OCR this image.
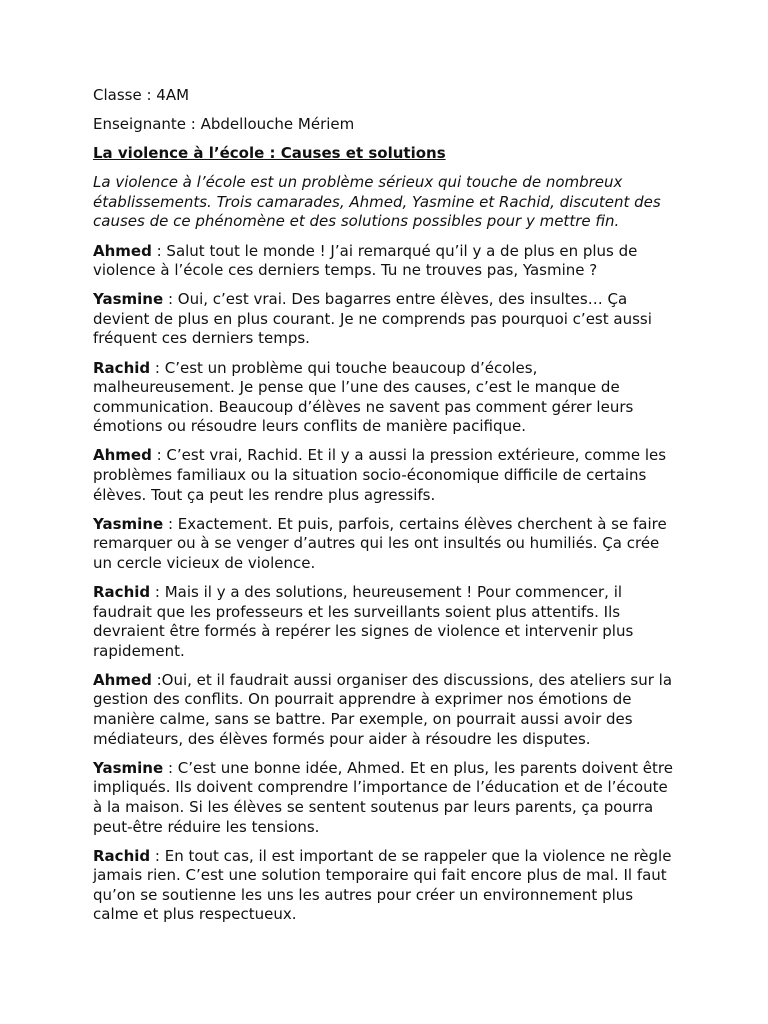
Classe : 4AM

Enseignante : Abdellouche Mériem

La violence à l’école : Causes et solutions

La violence à l’école est un problème sérieux qui touche de nombreux établissements. Trois camarades, Ahmed, Yasmine et Rachid, discutent des causes de ce phénomène et des solutions possibles pour y mettre fin.

Ahmed : Salut tout le monde ! J’ai remarqué qu’il y a de plus en plus de violence à l’école ces derniers temps. Tu ne trouves pas, Yasmine ?

Yasmine : Oui, c’est vrai. Des bagarres entre élèves, des insultes… Ça devient de plus en plus courant. Je ne comprends pas pourquoi c’est aussi fréquent ces derniers temps.

Rachid : C’est un problème qui touche beaucoup d’écoles, malheureusement. Je pense que l’une des causes, c’est le manque de communication. Beaucoup d’élèves ne savent pas comment gérer leurs émotions ou résoudre leurs conflits de manière pacifique.

Ahmed : C’est vrai, Rachid. Et il y a aussi la pression extérieure, comme les problèmes familiaux ou la situation socio-économique difficile de certains élèves. Tout ça peut les rendre plus agressifs.

Yasmine : Exactement. Et puis, parfois, certains élèves cherchent à se faire remarquer ou à se venger d’autres qui les ont insultés ou humiliés. Ça crée un cercle vicieux de violence.

Rachid : Mais il y a des solutions, heureusement ! Pour commencer, il faudrait que les professeurs et les surveillants soient plus attentifs. Ils devraient être formés à repérer les signes de violence et intervenir plus rapidement.

Ahmed :Oui, et il faudrait aussi organiser des discussions, des ateliers sur la gestion des conflits. On pourrait apprendre à exprimer nos émotions de manière calme, sans se battre. Par exemple, on pourrait aussi avoir des médiateurs, des élèves formés pour aider à résoudre les disputes.

Yasmine : C’est une bonne idée, Ahmed. Et en plus, les parents doivent être impliqués. Ils doivent comprendre l’importance de l’éducation et de l’écoute à la maison. Si les élèves se sentent soutenus par leurs parents, ça pourra peut-être réduire les tensions.

Rachid : En tout cas, il est important de se rappeler que la violence ne règle jamais rien. C’est une solution temporaire qui fait encore plus de mal. Il faut qu’on se soutienne les uns les autres pour créer un environnement plus calme et plus respectueux.
